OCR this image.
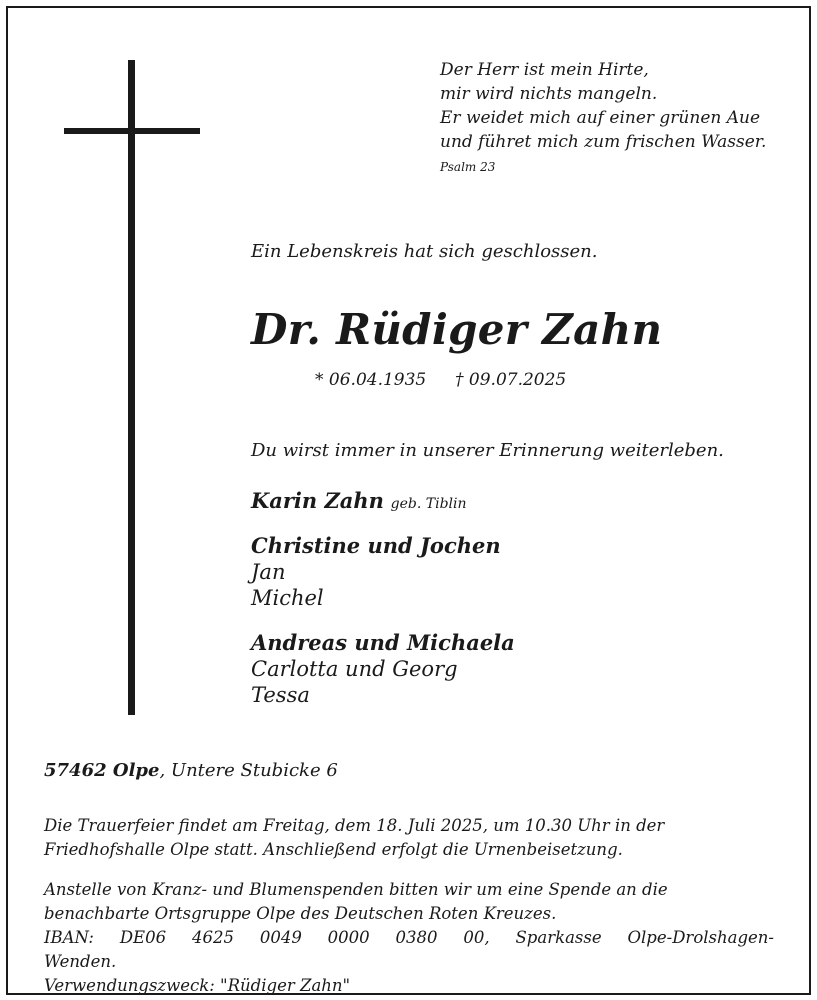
Der Herr ist mein Hirte,
mir wird nichts mangeln.
Er weidet mich auf einer grünen Aue
und führet mich zum frischen Wasser.
Psalm 23
Ein Lebenskreis hat sich geschlossen.
Dr. Rüdiger Zahn
* 06.04.1935 † 09.07.2025
Du wirst immer in unserer Erinnerung weiterleben.
Karin Zahn geb. Tiblin
Christine und Jochen
Jan
Michel
Andreas und Michaela
Carlotta und Georg
Tessa
57462 Olpe, Untere Stubicke 6
Die Trauerfeier findet am Freitag, dem 18. Juli 2025, um 10.30 Uhr in der Friedhofshalle Olpe statt. Anschließend erfolgt die Urnenbeisetzung.
Anstelle von Kranz- und Blumenspenden bitten wir um eine Spende an die benachbarte Ortsgruppe Olpe des Deutschen Roten Kreuzes.
IBAN: DE06 4625 0049 0000 0380 00, Sparkasse Olpe-Drolshagen-Wenden.
Verwendungszweck: "Rüdiger Zahn"
